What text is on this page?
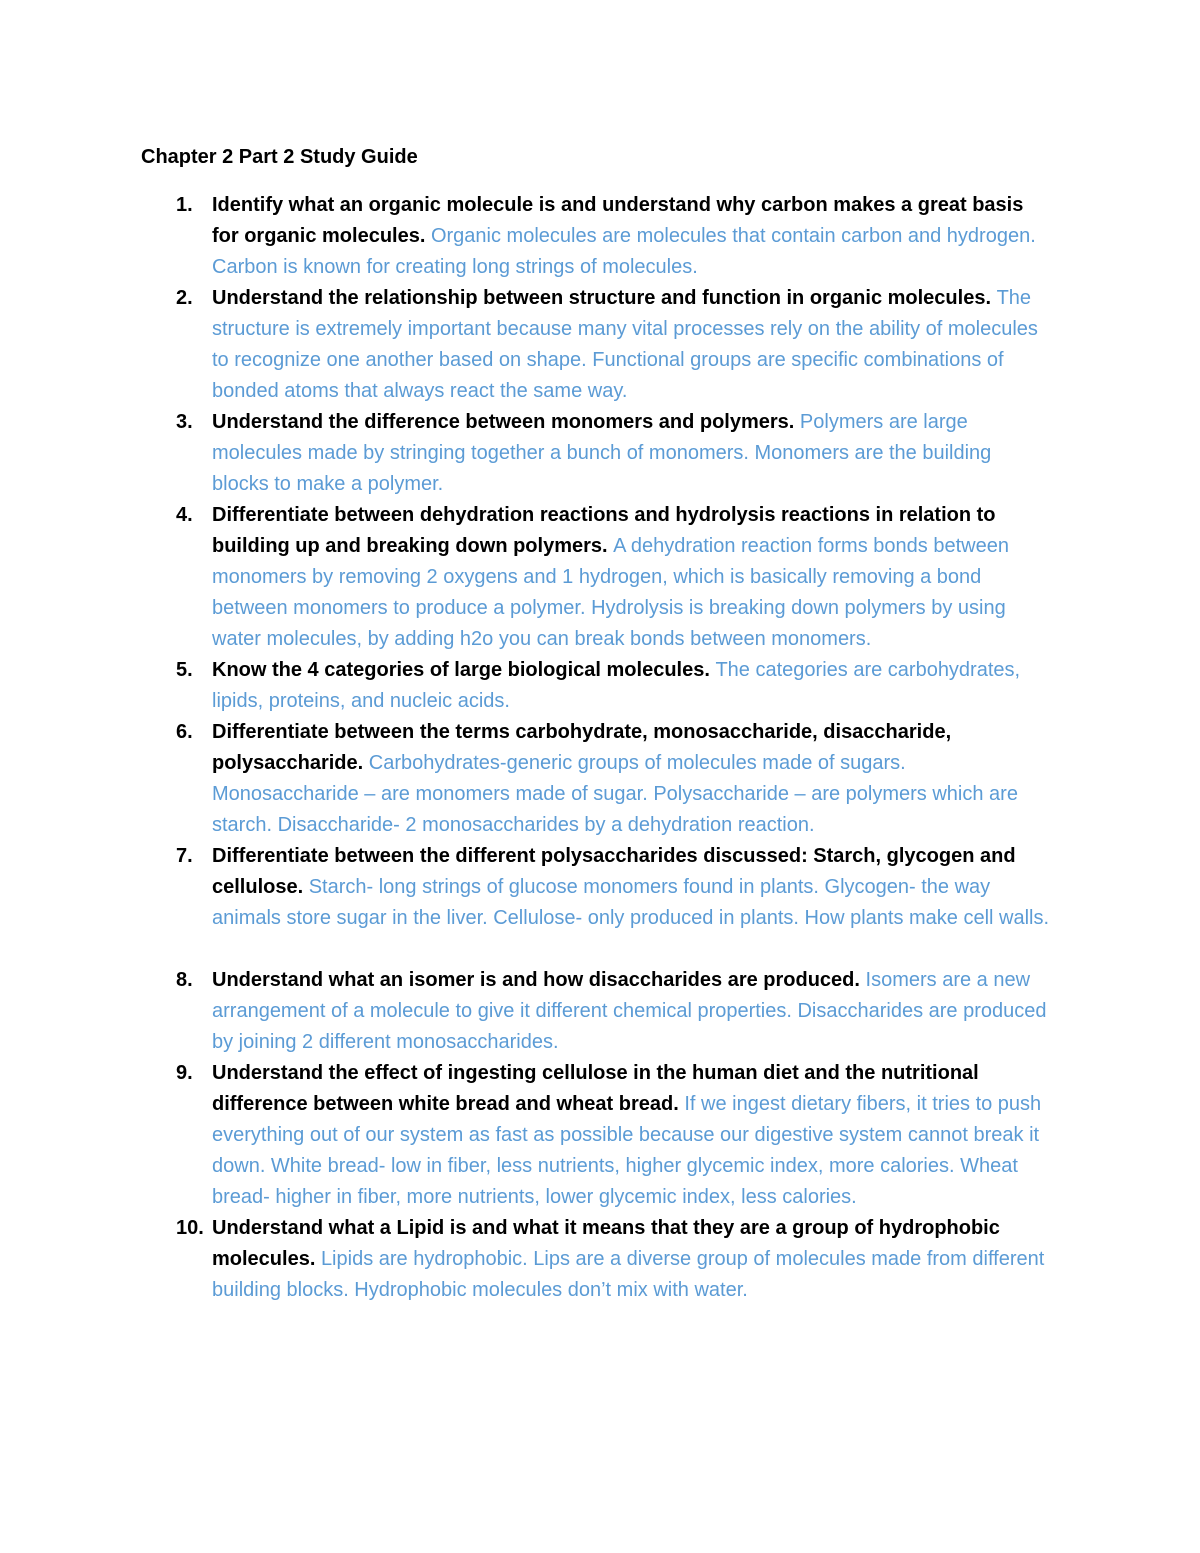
Chapter 2 Part 2 Study Guide
1. Identify what an organic molecule is and understand why carbon makes a great basis for organic molecules. Organic molecules are molecules that contain carbon and hydrogen. Carbon is known for creating long strings of molecules.
2. Understand the relationship between structure and function in organic molecules. The structure is extremely important because many vital processes rely on the ability of molecules to recognize one another based on shape. Functional groups are specific combinations of bonded atoms that always react the same way.
3. Understand the difference between monomers and polymers. Polymers are large molecules made by stringing together a bunch of monomers. Monomers are the building blocks to make a polymer.
4. Differentiate between dehydration reactions and hydrolysis reactions in relation to building up and breaking down polymers. A dehydration reaction forms bonds between monomers by removing 2 oxygens and 1 hydrogen, which is basically removing a bond between monomers to produce a polymer. Hydrolysis is breaking down polymers by using water molecules, by adding h2o you can break bonds between monomers.
5. Know the 4 categories of large biological molecules. The categories are carbohydrates, lipids, proteins, and nucleic acids.
6. Differentiate between the terms carbohydrate, monosaccharide, disaccharide, polysaccharide. Carbohydrates-generic groups of molecules made of sugars. Monosaccharide – are monomers made of sugar. Polysaccharide – are polymers which are starch. Disaccharide- 2 monosaccharides by a dehydration reaction.
7. Differentiate between the different polysaccharides discussed: Starch, glycogen and cellulose. Starch- long strings of glucose monomers found in plants. Glycogen- the way animals store sugar in the liver. Cellulose- only produced in plants. How plants make cell walls.
8. Understand what an isomer is and how disaccharides are produced. Isomers are a new arrangement of a molecule to give it different chemical properties. Disaccharides are produced by joining 2 different monosaccharides.
9. Understand the effect of ingesting cellulose in the human diet and the nutritional difference between white bread and wheat bread. If we ingest dietary fibers, it tries to push everything out of our system as fast as possible because our digestive system cannot break it down. White bread- low in fiber, less nutrients, higher glycemic index, more calories. Wheat bread- higher in fiber, more nutrients, lower glycemic index, less calories.
10. Understand what a Lipid is and what it means that they are a group of hydrophobic molecules. Lipids are hydrophobic. Lips are a diverse group of molecules made from different building blocks. Hydrophobic molecules don’t mix with water.
